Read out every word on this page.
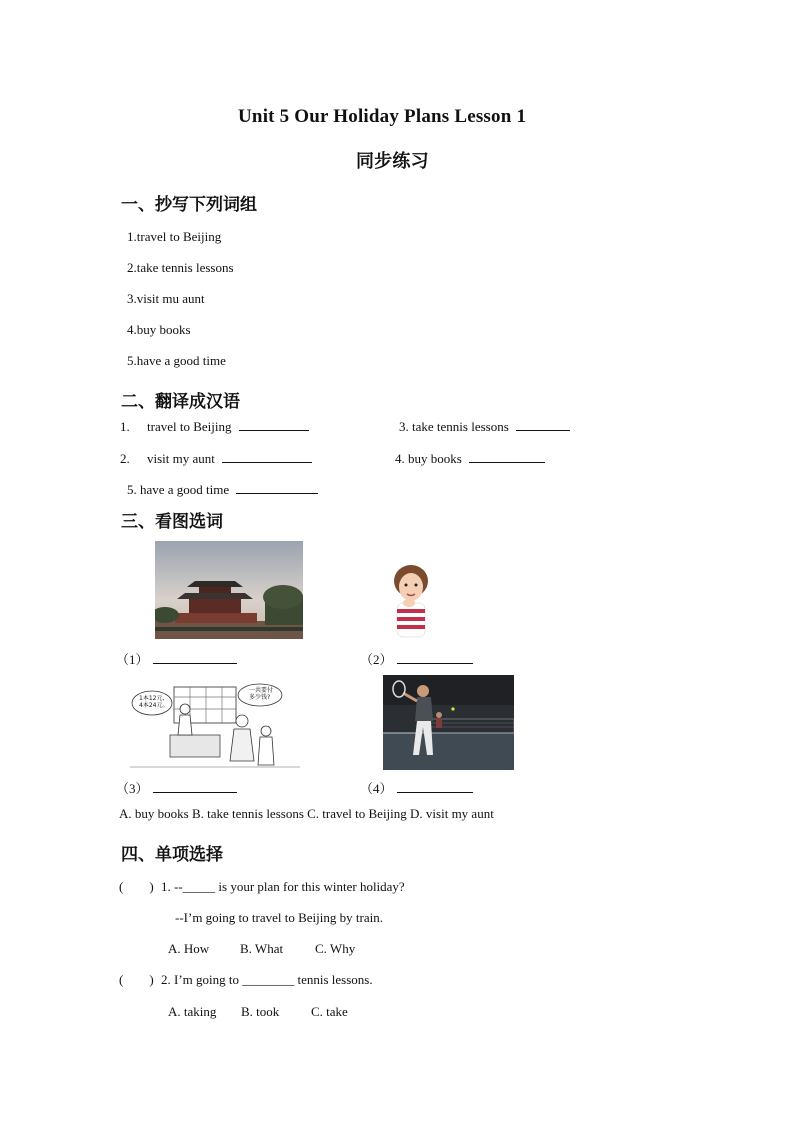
Unit 5 Our Holiday Plans Lesson 1
同步练习
一、抄写下列词组
1.travel to Beijing
2.take tennis lessons
3.visit mu aunt
4.buy books
5.have a good time
二、翻译成汉语
1. travel to Beijing	3. take tennis lessons
2. visit my aunt	4. buy books
5. have a good time
三、看图选词
（1）	（2）
1本12元,
4本24元。
一共要付
多少钱?
（3）	（4）
A. buy books B. take tennis lessons C. travel to Beijing D. visit my aunt
四、单项选择
(        ) 1. --_____ is your plan for this winter holiday?
--I’m going to travel to Beijing by train.
A. How B. What C. Why
(        ) 2. I’m going to ________ tennis lessons.
A. taking B. took C. take
